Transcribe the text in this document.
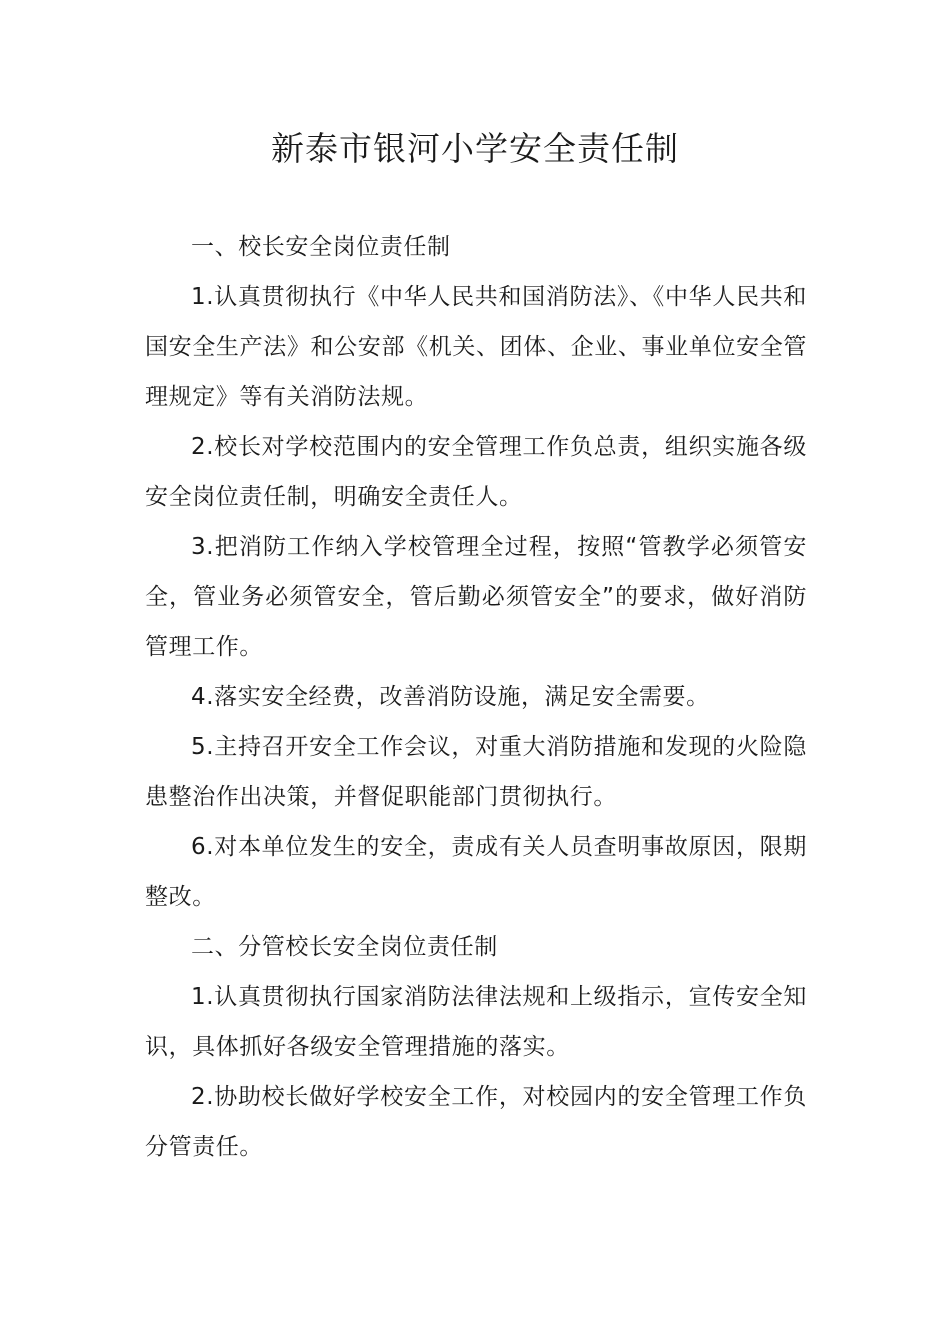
新泰市银河小学安全责任制

一、校长安全岗位责任制

1.认真贯彻执行《中华人民共和国消防法》、《中华人民共和国安全生产法》和公安部《机关、团体、企业、事业单位安全管理规定》等有关消防法规。

2.校长对学校范围内的安全管理工作负总责，组织实施各级安全岗位责任制，明确安全责任人。

3.把消防工作纳入学校管理全过程，按照“管教学必须管安全，管业务必须管安全，管后勤必须管安全”的要求，做好消防管理工作。

4.落实安全经费，改善消防设施，满足安全需要。

5.主持召开安全工作会议，对重大消防措施和发现的火险隐患整治作出决策，并督促职能部门贯彻执行。

6.对本单位发生的安全，责成有关人员查明事故原因，限期整改。

二、分管校长安全岗位责任制

1.认真贯彻执行国家消防法律法规和上级指示，宣传安全知识，具体抓好各级安全管理措施的落实。

2.协助校长做好学校安全工作，对校园内的安全管理工作负分管责任。
